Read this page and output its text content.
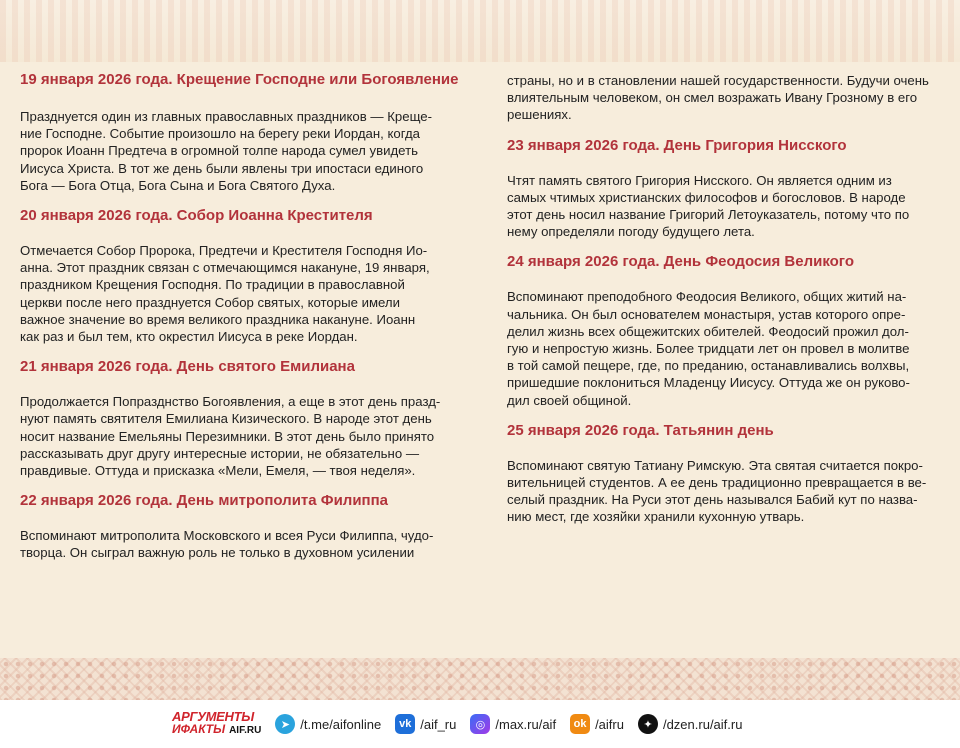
19 января 2026 года. Крещение Господне или Богоявление

Празднуется один из главных православных праздников — Креще-
ние Господне. Событие произошло на берегу реки Иордан, когда
пророк Иоанн Предтеча в огромной толпе народа сумел увидеть
Иисуса Христа. В тот же день были явлены три ипостаси единого
Бога — Бога Отца, Бога Сына и Бога Святого Духа.

20 января 2026 года. Собор Иоанна Крестителя

Отмечается Собор Пророка, Предтечи и Крестителя Господня Ио-
анна. Этот праздник связан с отмечающимся накануне, 19 января,
праздником Крещения Господня. По традиции в православной
церкви после него празднуется Собор святых, которые имели
важное значение во время великого праздника накануне. Иоанн
как раз и был тем, кто окрестил Иисуса в реке Иордан.

21 января 2026 года. День святого Емилиана

Продолжается Попразднство Богоявления, а еще в этот день празд-
нуют память святителя Емилиана Кизического. В народе этот день
носит название Емельяны Перезимники. В этот день было принято
рассказывать друг другу интересные истории, не обязательно —
правдивые. Оттуда и присказка «Мели, Емеля, — твоя неделя».

22 января 2026 года. День митрополита Филиппа

Вспоминают митрополита Московского и всея Руси Филиппа, чудо-
творца. Он сыграл важную роль не только в духовном усилении
страны, но и в становлении нашей государственности. Будучи очень
влиятельным человеком, он смел возражать Ивану Грозному в его
решениях.

23 января 2026 года. День Григория Нисского

Чтят память святого Григория Нисского. Он является одним из
самых чтимых христианских философов и богословов. В народе
этот день носил название Григорий Летоуказатель, потому что по
нему определяли погоду будущего лета.

24 января 2026 года. День Феодосия Великого

Вспоминают преподобного Феодосия Великого, общих житий на-
чальника. Он был основателем монастыря, устав которого опре-
делил жизнь всех общежитских обителей. Феодосий прожил дол-
гую и непростую жизнь. Более тридцати лет он провел в молитве
в той самой пещере, где, по преданию, останавливались волхвы,
пришедшие поклониться Младенцу Иисусу. Оттуда же он руково-
дил своей общиной.

25 января 2026 года. Татьянин день

Вспоминают святую Татиану Римскую. Эта святая считается покро-
вительницей студентов. А ее день традиционно превращается в ве-
селый праздник. На Руси этот день назывался Бабий кут по назва-
нию мест, где хозяйки хранили кухонную утварь.
АРГУМЕНТЫ
ИФАКТЫ AIF.RU	➤ /t.me/aifonline	vk /aif_ru	◎ /max.ru/aif	ok /aifru	✦ /dzen.ru/aif.ru
